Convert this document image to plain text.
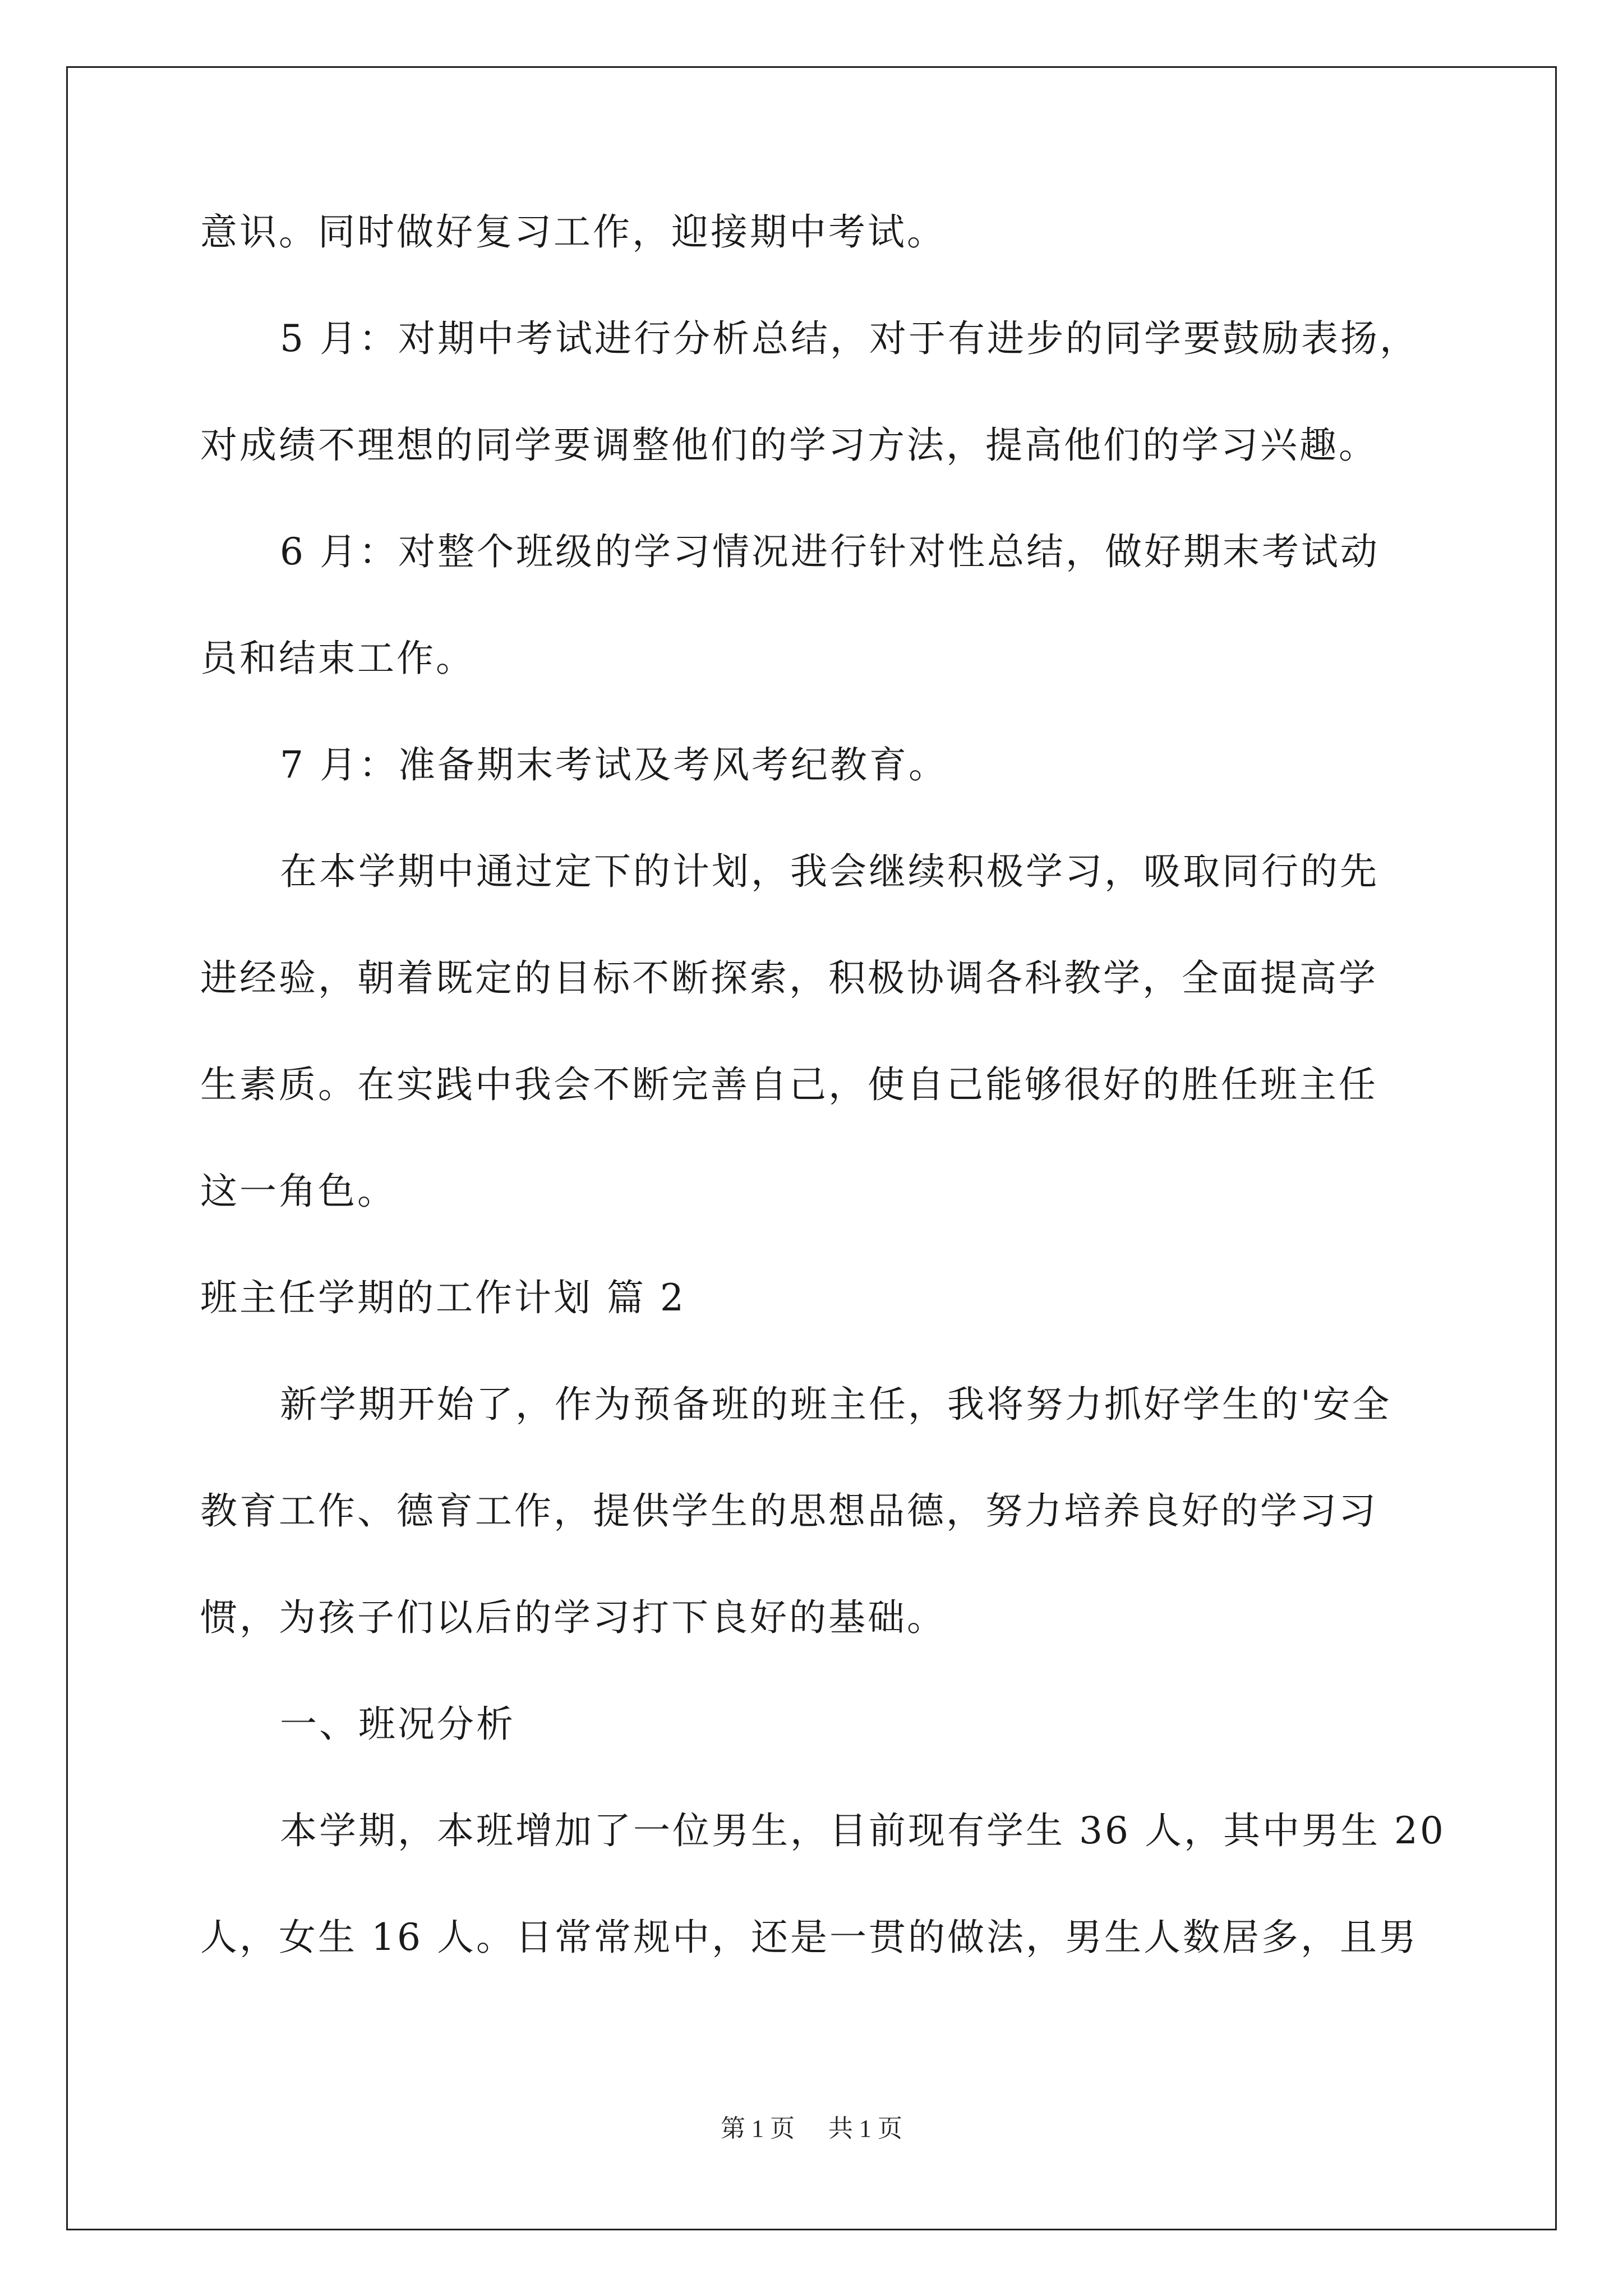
意识。同时做好复习工作，迎接期中考试。
5 月：对期中考试进行分析总结，对于有进步的同学要鼓励表扬，
对成绩不理想的同学要调整他们的学习方法，提高他们的学习兴趣。
6 月：对整个班级的学习情况进行针对性总结，做好期末考试动
员和结束工作。
7 月：准备期末考试及考风考纪教育。
在本学期中通过定下的计划，我会继续积极学习，吸取同行的先
进经验，朝着既定的目标不断探索，积极协调各科教学，全面提高学
生素质。在实践中我会不断完善自己，使自己能够很好的胜任班主任
这一角色。
班主任学期的工作计划 篇 2
新学期开始了，作为预备班的班主任，我将努力抓好学生的'安全
教育工作、德育工作，提供学生的思想品德，努力培养良好的学习习
惯，为孩子们以后的学习打下良好的基础。
一、班况分析
本学期，本班增加了一位男生，目前现有学生 36 人，其中男生 20
人，女生 16 人。日常常规中，还是一贯的做法，男生人数居多，且男
第 1 页 共 1 页
